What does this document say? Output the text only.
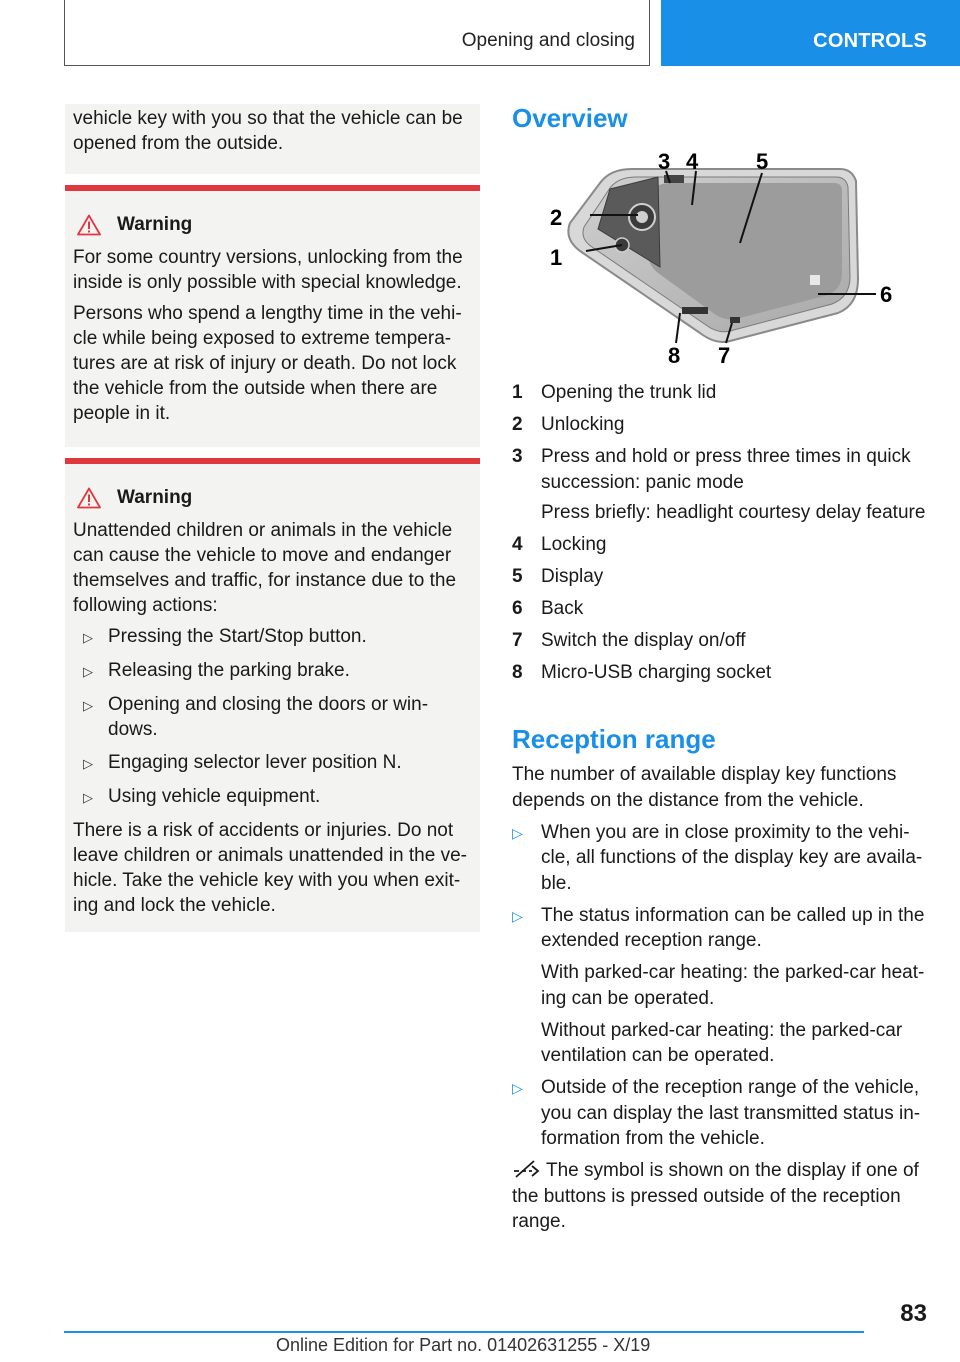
Opening and closing	CONTROLS

vehicle key with you so that the vehicle can be opened from the outside.

Warning

For some country versions, unlocking from the inside is only possible with special knowledge.

Persons who spend a lengthy time in the vehi‐cle while being exposed to extreme tempera‐tures are at risk of injury or death. Do not lock the vehicle from the outside when there are people in it.

Warning

Unattended children or animals in the vehicle can cause the vehicle to move and endanger themselves and traffic, for instance due to the following actions:

▷ Pressing the Start/Stop button.
▷ Releasing the parking brake.
▷ Opening and closing the doors or win‐dows.
▷ Engaging selector lever position N.
▷ Using vehicle equipment.

There is a risk of accidents or injuries. Do not leave children or animals unattended in the ve‐hicle. Take the vehicle key with you when exit‐ing and lock the vehicle.

Overview
1
2
3 4	5
6
7
8
1 Opening the trunk lid
2 Unlocking
3 Press and hold or press three times in quick succession: panic mode
Press briefly: headlight courtesy delay feature
4 Locking
5 Display
6 Back
7 Switch the display on/off
8 Micro-USB charging socket
Reception range

The number of available display key functions depends on the distance from the vehicle.

▷ When you are in close proximity to the vehi‐cle, all functions of the display key are availa‐ble.
▷ The status information can be called up in the extended reception range.

With parked-car heating: the parked-car heat‐ing can be operated.

Without parked-car heating: the parked-car ventilation can be operated.

▷ Outside of the reception range of the vehicle, you can display the last transmitted status in‐formation from the vehicle.

The symbol is shown on the display if one of the buttons is pressed outside of the reception range.

83
Online Edition for Part no. 01402631255 - X/19
